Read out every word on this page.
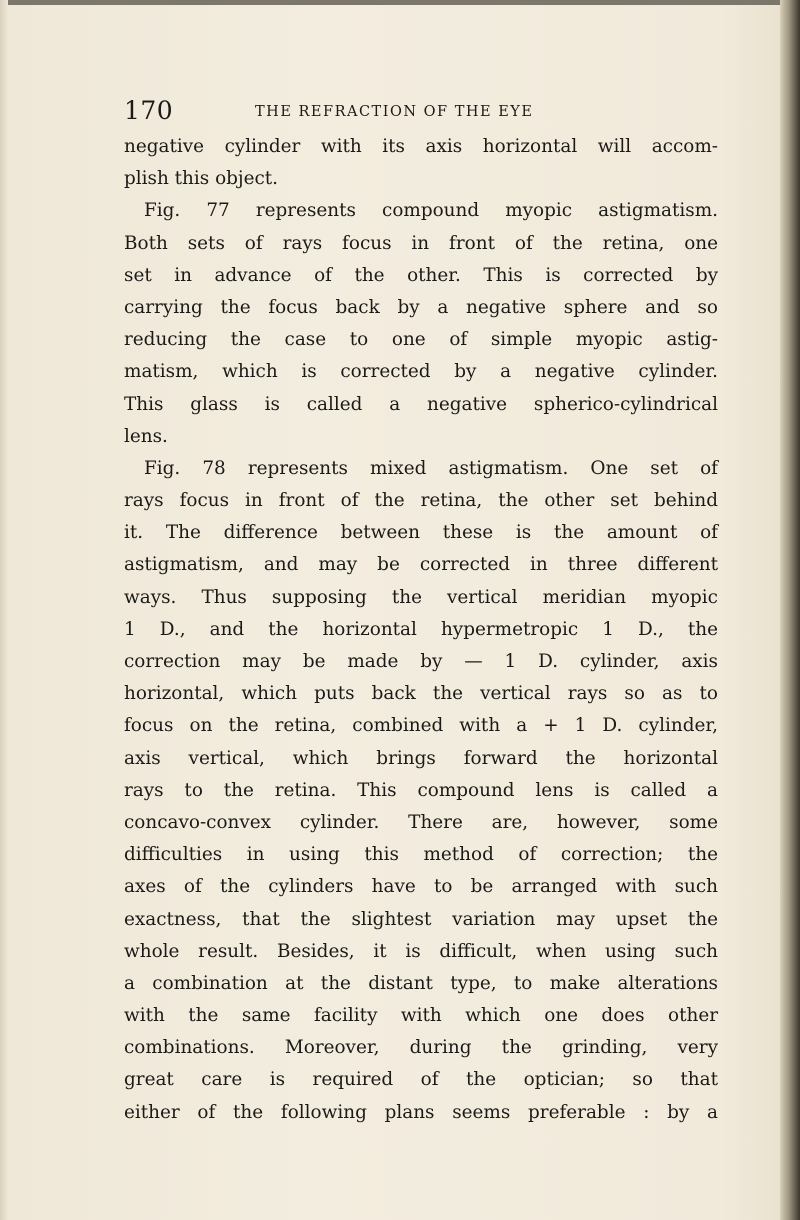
170	THE REFRACTION OF THE EYE
negative cylinder with its axis horizontal will accom-
plish this object.
Fig. 77 represents compound myopic astigmatism.
Both sets of rays focus in front of the retina, one
set in advance of the other. This is corrected by
carrying the focus back by a negative sphere and so
reducing the case to one of simple myopic astig-
matism, which is corrected by a negative cylinder.
This glass is called a negative spherico-cylindrical
lens.
Fig. 78 represents mixed astigmatism. One set of
rays focus in front of the retina, the other set behind
it. The difference between these is the amount of
astigmatism, and may be corrected in three different
ways. Thus supposing the vertical meridian myopic
1 D., and the horizontal hypermetropic 1 D., the
correction may be made by — 1 D. cylinder, axis
horizontal, which puts back the vertical rays so as to
focus on the retina, combined with a + 1 D. cylinder,
axis vertical, which brings forward the horizontal
rays to the retina. This compound lens is called a
concavo-convex cylinder. There are, however, some
difficulties in using this method of correction; the
axes of the cylinders have to be arranged with such
exactness, that the slightest variation may upset the
whole result. Besides, it is difficult, when using such
a combination at the distant type, to make alterations
with the same facility with which one does other
combinations. Moreover, during the grinding, very
great care is required of the optician; so that
either of the following plans seems preferable : by a
